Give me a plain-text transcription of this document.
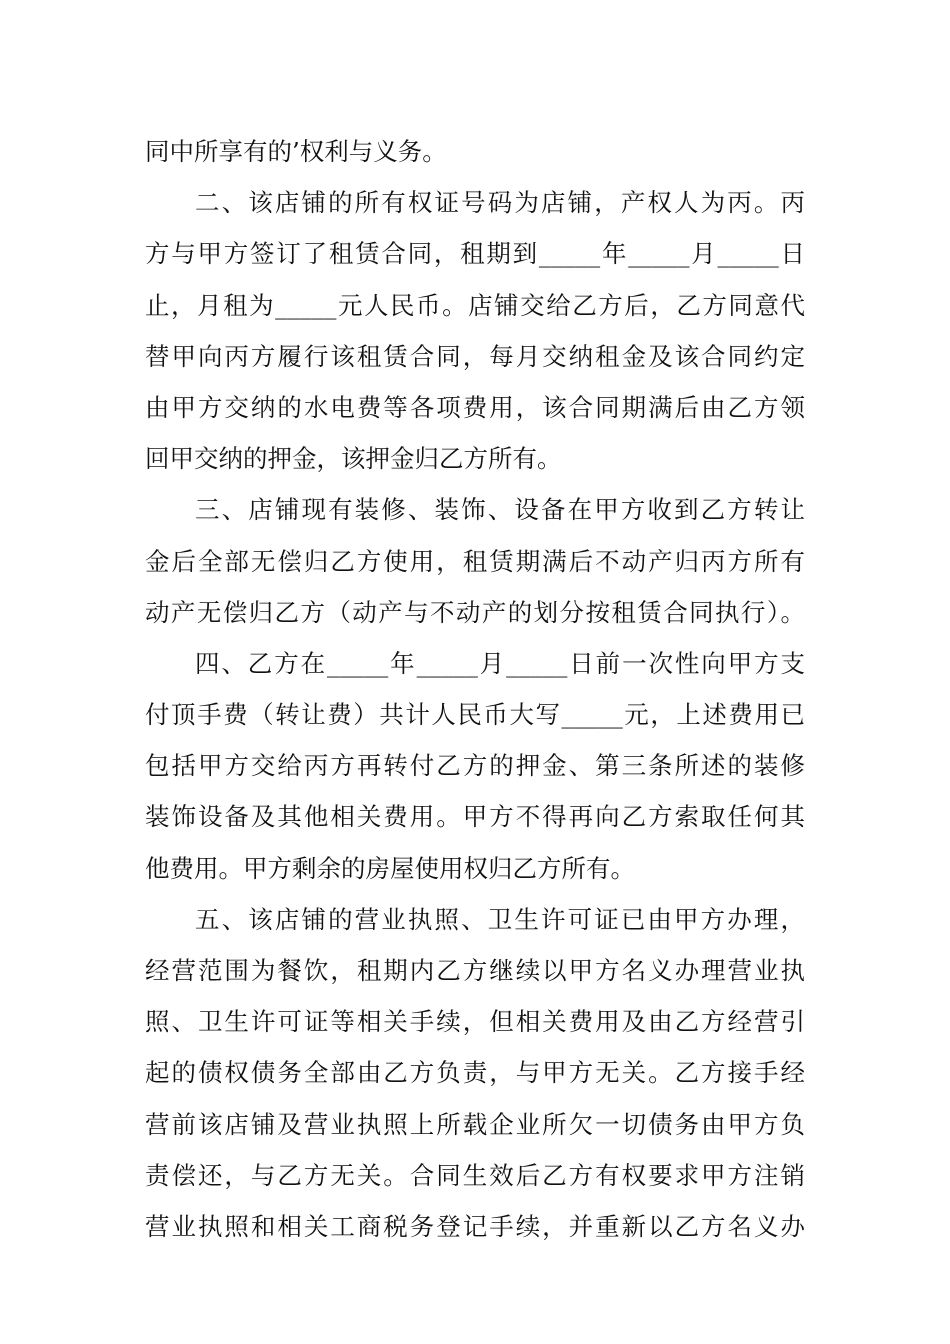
同中所享有的’权利与义务。
二、该店铺的所有权证号码为店铺，产权人为丙。丙
方与甲方签订了租赁合同，租期到_____年_____月_____日
止，月租为_____元人民币。店铺交给乙方后，乙方同意代
替甲向丙方履行该租赁合同，每月交纳租金及该合同约定
由甲方交纳的水电费等各项费用，该合同期满后由乙方领
回甲交纳的押金，该押金归乙方所有。
三、店铺现有装修、装饰、设备在甲方收到乙方转让
金后全部无偿归乙方使用，租赁期满后不动产归丙方所有
动产无偿归乙方（动产与不动产的划分按租赁合同执行）。
四、乙方在_____年_____月_____日前一次性向甲方支
付顶手费（转让费）共计人民币大写_____元，上述费用已
包括甲方交给丙方再转付乙方的押金、第三条所述的装修
装饰设备及其他相关费用。甲方不得再向乙方索取任何其
他费用。甲方剩余的房屋使用权归乙方所有。
五、该店铺的营业执照、卫生许可证已由甲方办理，
经营范围为餐饮，租期内乙方继续以甲方名义办理营业执
照、卫生许可证等相关手续，但相关费用及由乙方经营引
起的债权债务全部由乙方负责，与甲方无关。乙方接手经
营前该店铺及营业执照上所载企业所欠一切债务由甲方负
责偿还，与乙方无关。合同生效后乙方有权要求甲方注销
营业执照和相关工商税务登记手续，并重新以乙方名义办
